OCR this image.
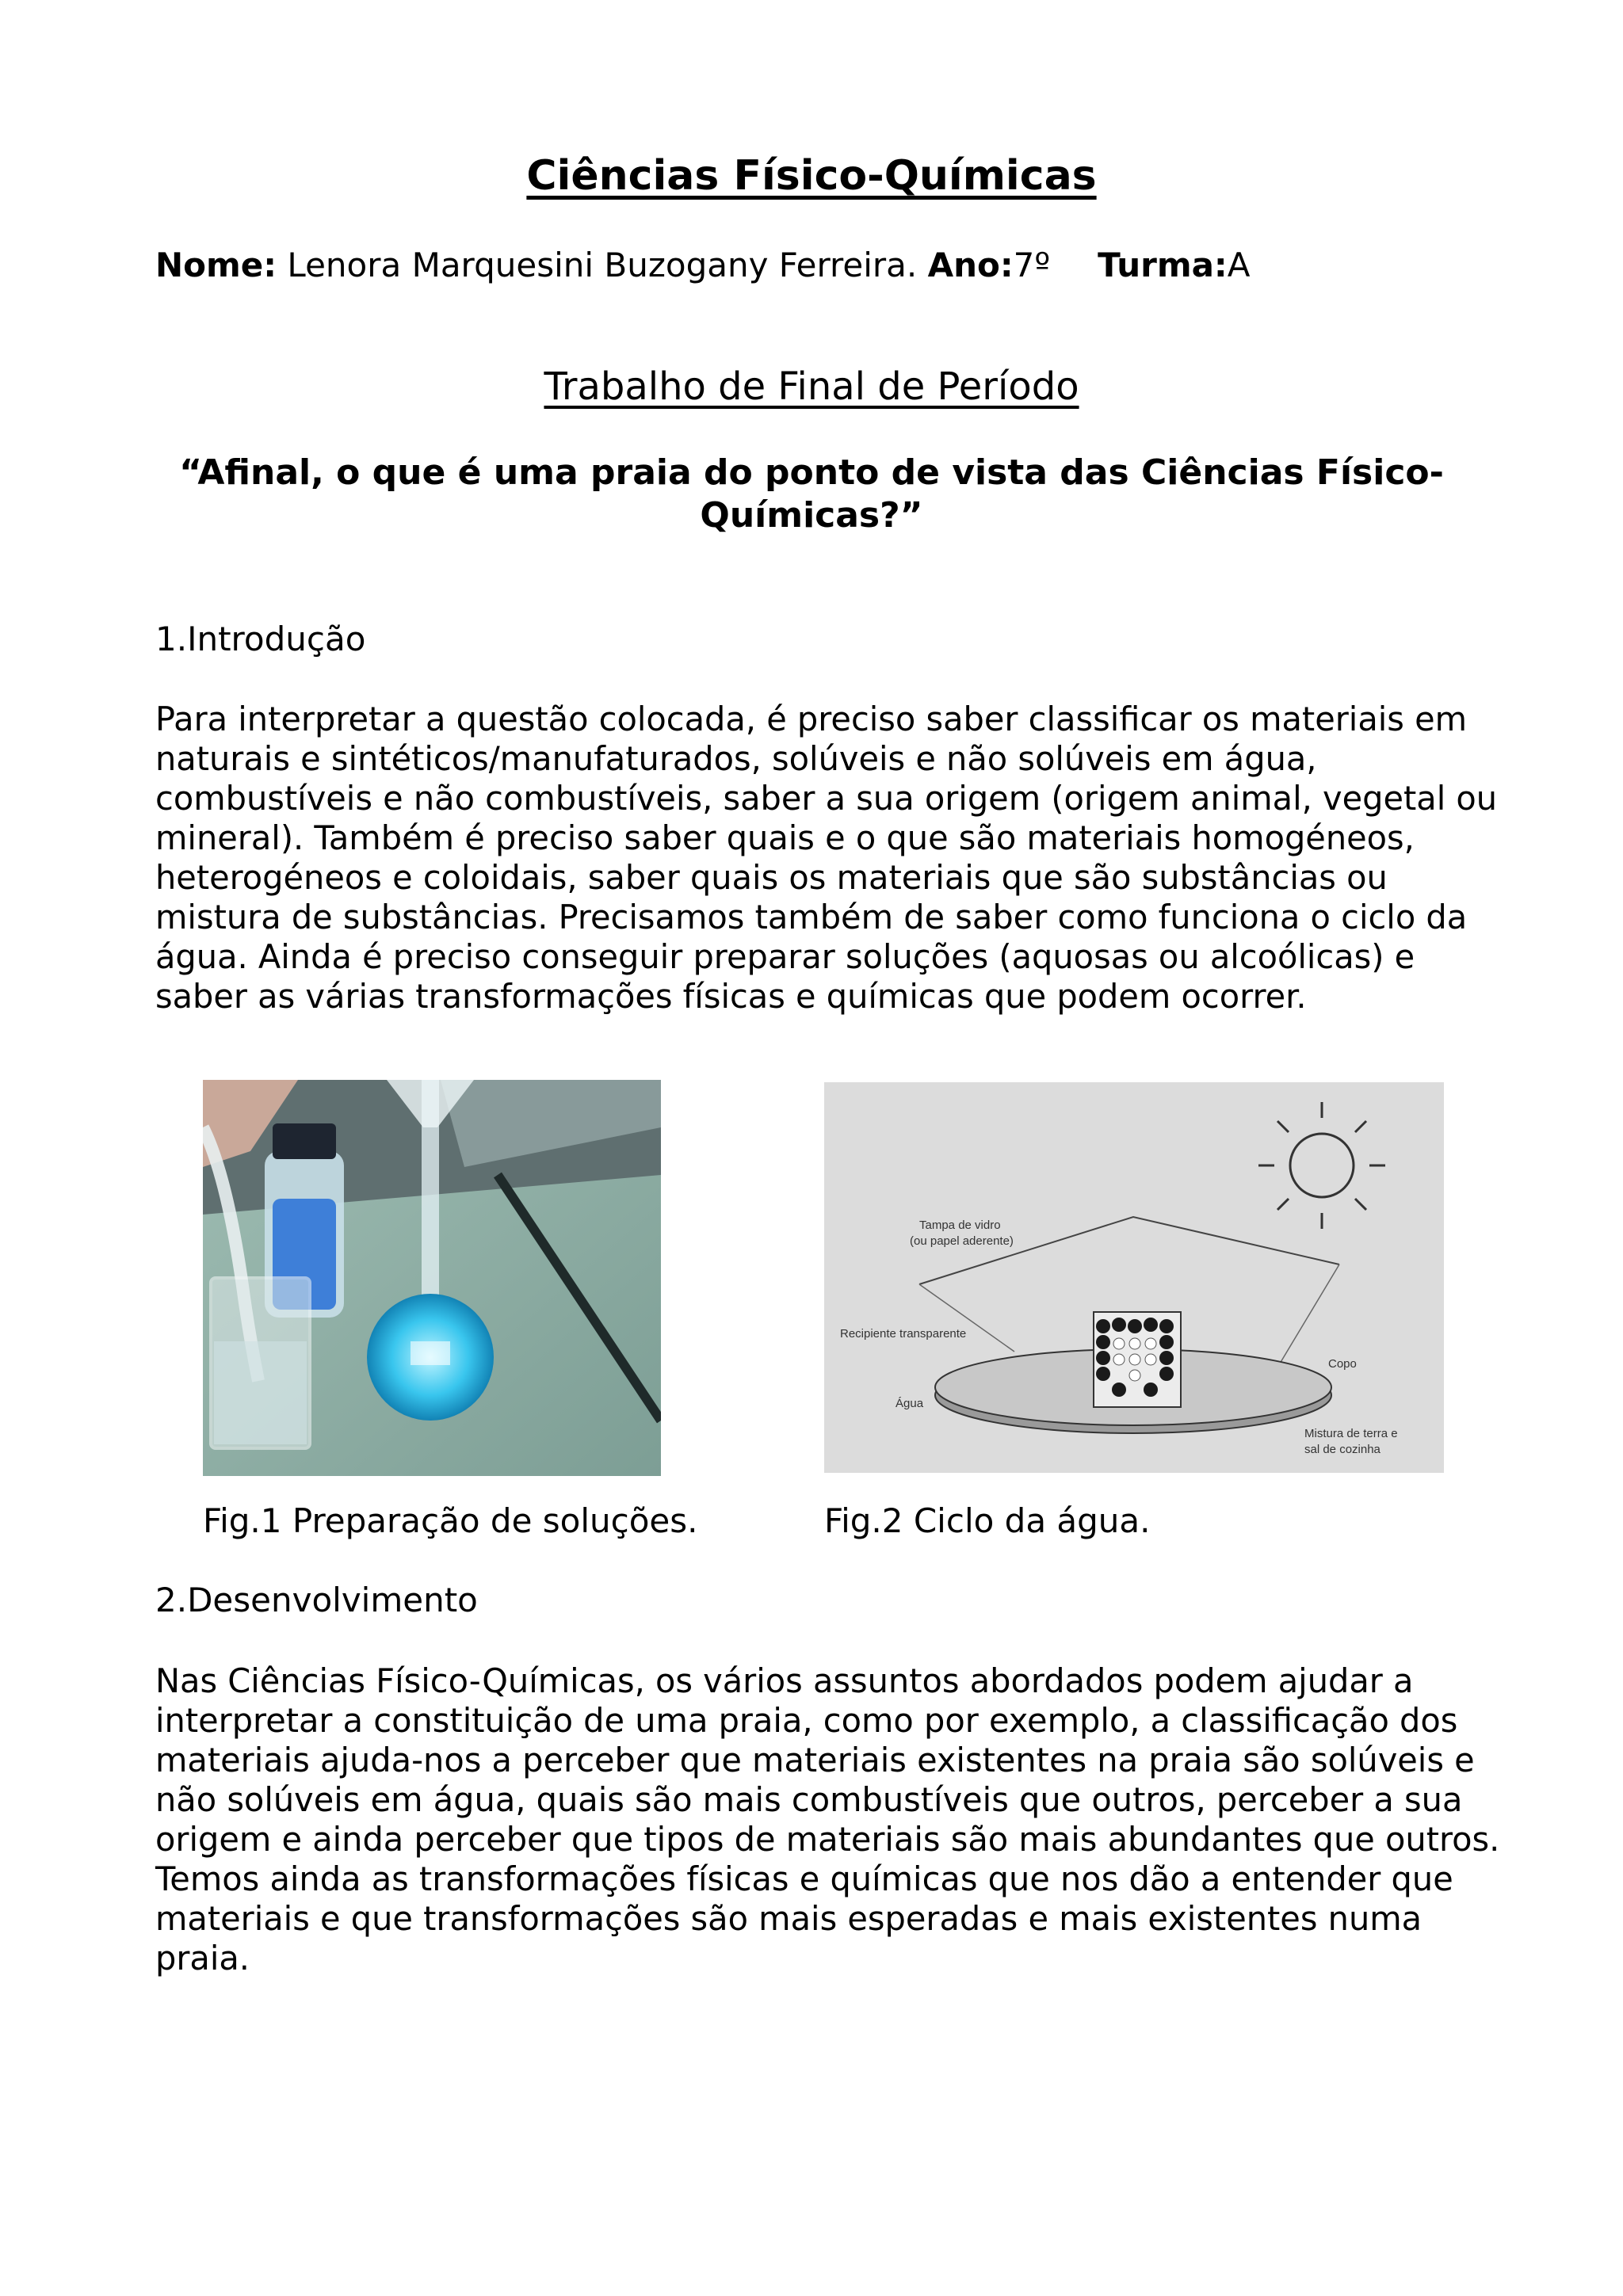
Ciências Físico-Químicas
Nome: Lenora Marquesini Buzogany Ferreira. Ano:7º Turma:A
Trabalho de Final de Período
“Afinal, o que é uma praia do ponto de vista das Ciências Físico-Químicas?”
1.Introdução

Para interpretar a questão colocada, é preciso saber classificar os materiais em naturais e sintéticos/manufaturados, solúveis e não solúveis em água, combustíveis e não combustíveis, saber a sua origem (origem animal, vegetal ou mineral). Também é preciso saber quais e o que são materiais homogéneos, heterogéneos e coloidais, saber quais os materiais que são substâncias ou mistura de substâncias. Precisamos também de saber como funciona o ciclo da água. Ainda é preciso conseguir preparar soluções (aquosas ou alcoólicas) e saber as várias transformações físicas e químicas que podem ocorrer.

Tampa de vidro
(ou papel aderente)
Recipiente transparente
Água
Copo
Mistura de terra e
sal de cozinha
Fig.1 Preparação de soluções.	Fig.2 Ciclo da água.
2.Desenvolvimento

Nas Ciências Físico-Químicas, os vários assuntos abordados podem ajudar a interpretar a constituição de uma praia, como por exemplo, a classificação dos materiais ajuda-nos a perceber que materiais existentes na praia são solúveis e não solúveis em água, quais são mais combustíveis que outros, perceber a sua origem e ainda perceber que tipos de materiais são mais abundantes que outros. Temos ainda as transformações físicas e químicas que nos dão a entender que materiais e que transformações são mais esperadas e mais existentes numa praia.
